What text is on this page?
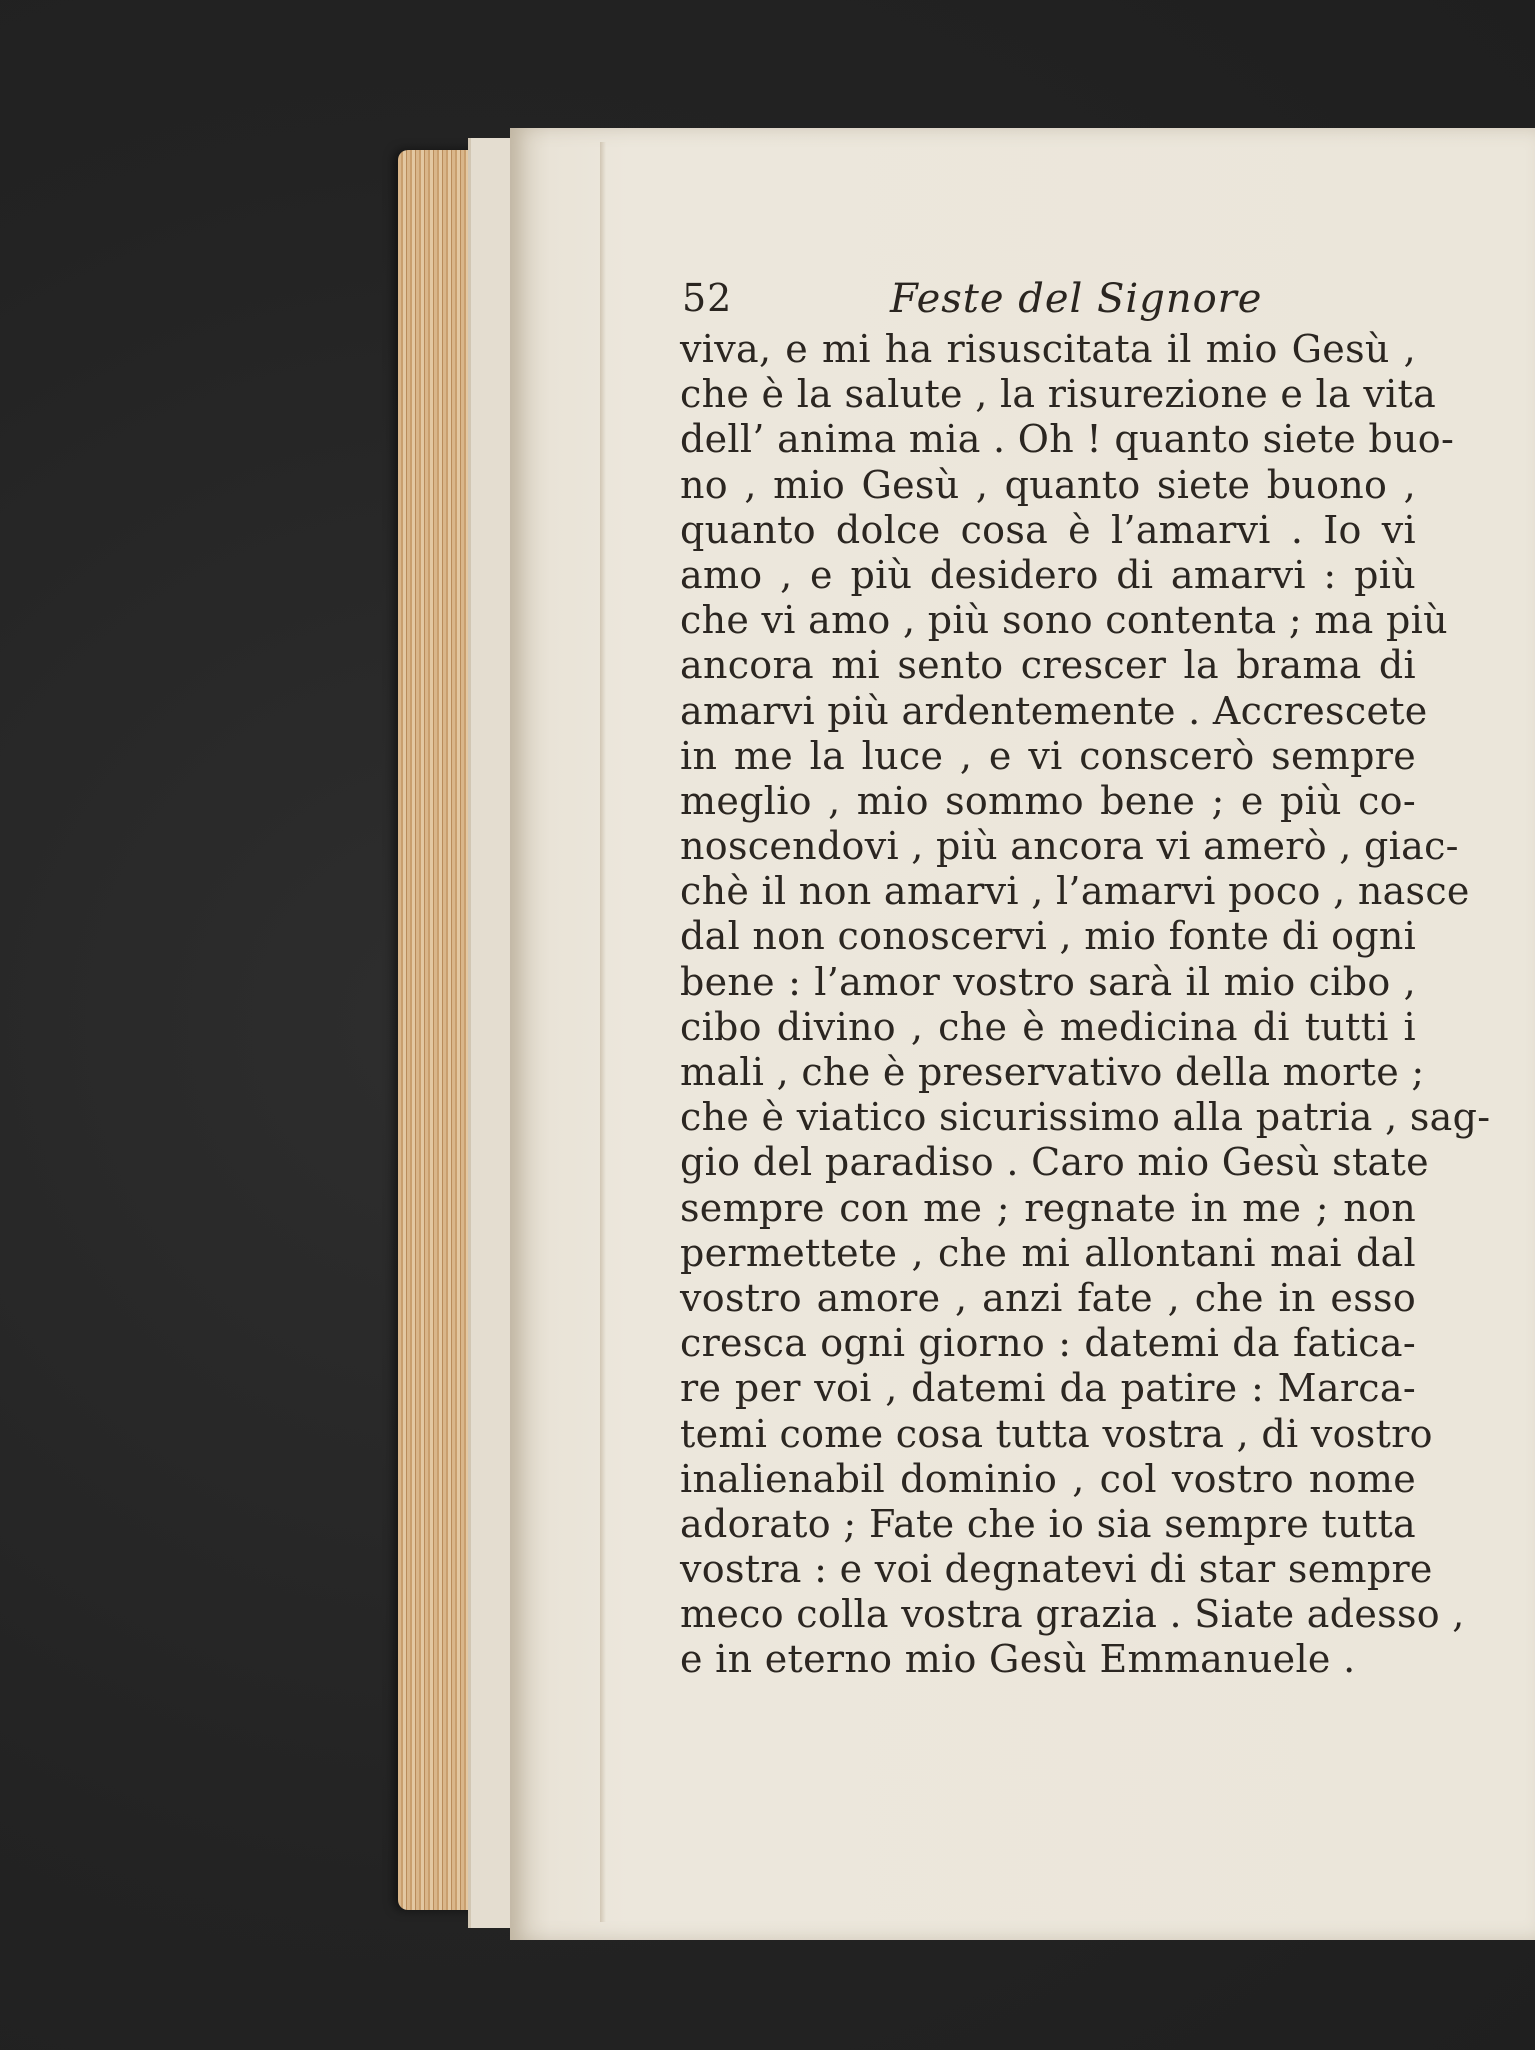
52	Feste del Signore
viva, e mi ha risuscitata il mio Gesù ,
che è la salute , la risurezione e la vita
dell’ anima mia . Oh ! quanto siete buo-
no , mio Gesù , quanto siete buono ,
quanto dolce cosa è l’amarvi . Io vi
amo , e più desidero di amarvi : più
che vi amo , più sono contenta ; ma più
ancora mi sento crescer la brama di
amarvi più ardentemente . Accrescete
in me la luce , e vi conscerò sempre
meglio , mio sommo bene ; e più co-
noscendovi , più ancora vi amerò , giac-
chè il non amarvi , l’amarvi poco , nasce
dal non conoscervi , mio fonte di ogni
bene : l’amor vostro sarà il mio cibo ,
cibo divino , che è medicina di tutti i
mali , che è preservativo della morte ;
che è viatico sicurissimo alla patria , sag-
gio del paradiso . Caro mio Gesù state
sempre con me ; regnate in me ; non
permettete , che mi allontani mai dal
vostro amore , anzi fate , che in esso
cresca ogni giorno : datemi da fatica-
re per voi , datemi da patire : Marca-
temi come cosa tutta vostra , di vostro
inalienabil dominio , col vostro nome
adorato ; Fate che io sia sempre tutta
vostra : e voi degnatevi di star sempre
meco colla vostra grazia . Siate adesso ,
e in eterno mio Gesù Emmanuele .
